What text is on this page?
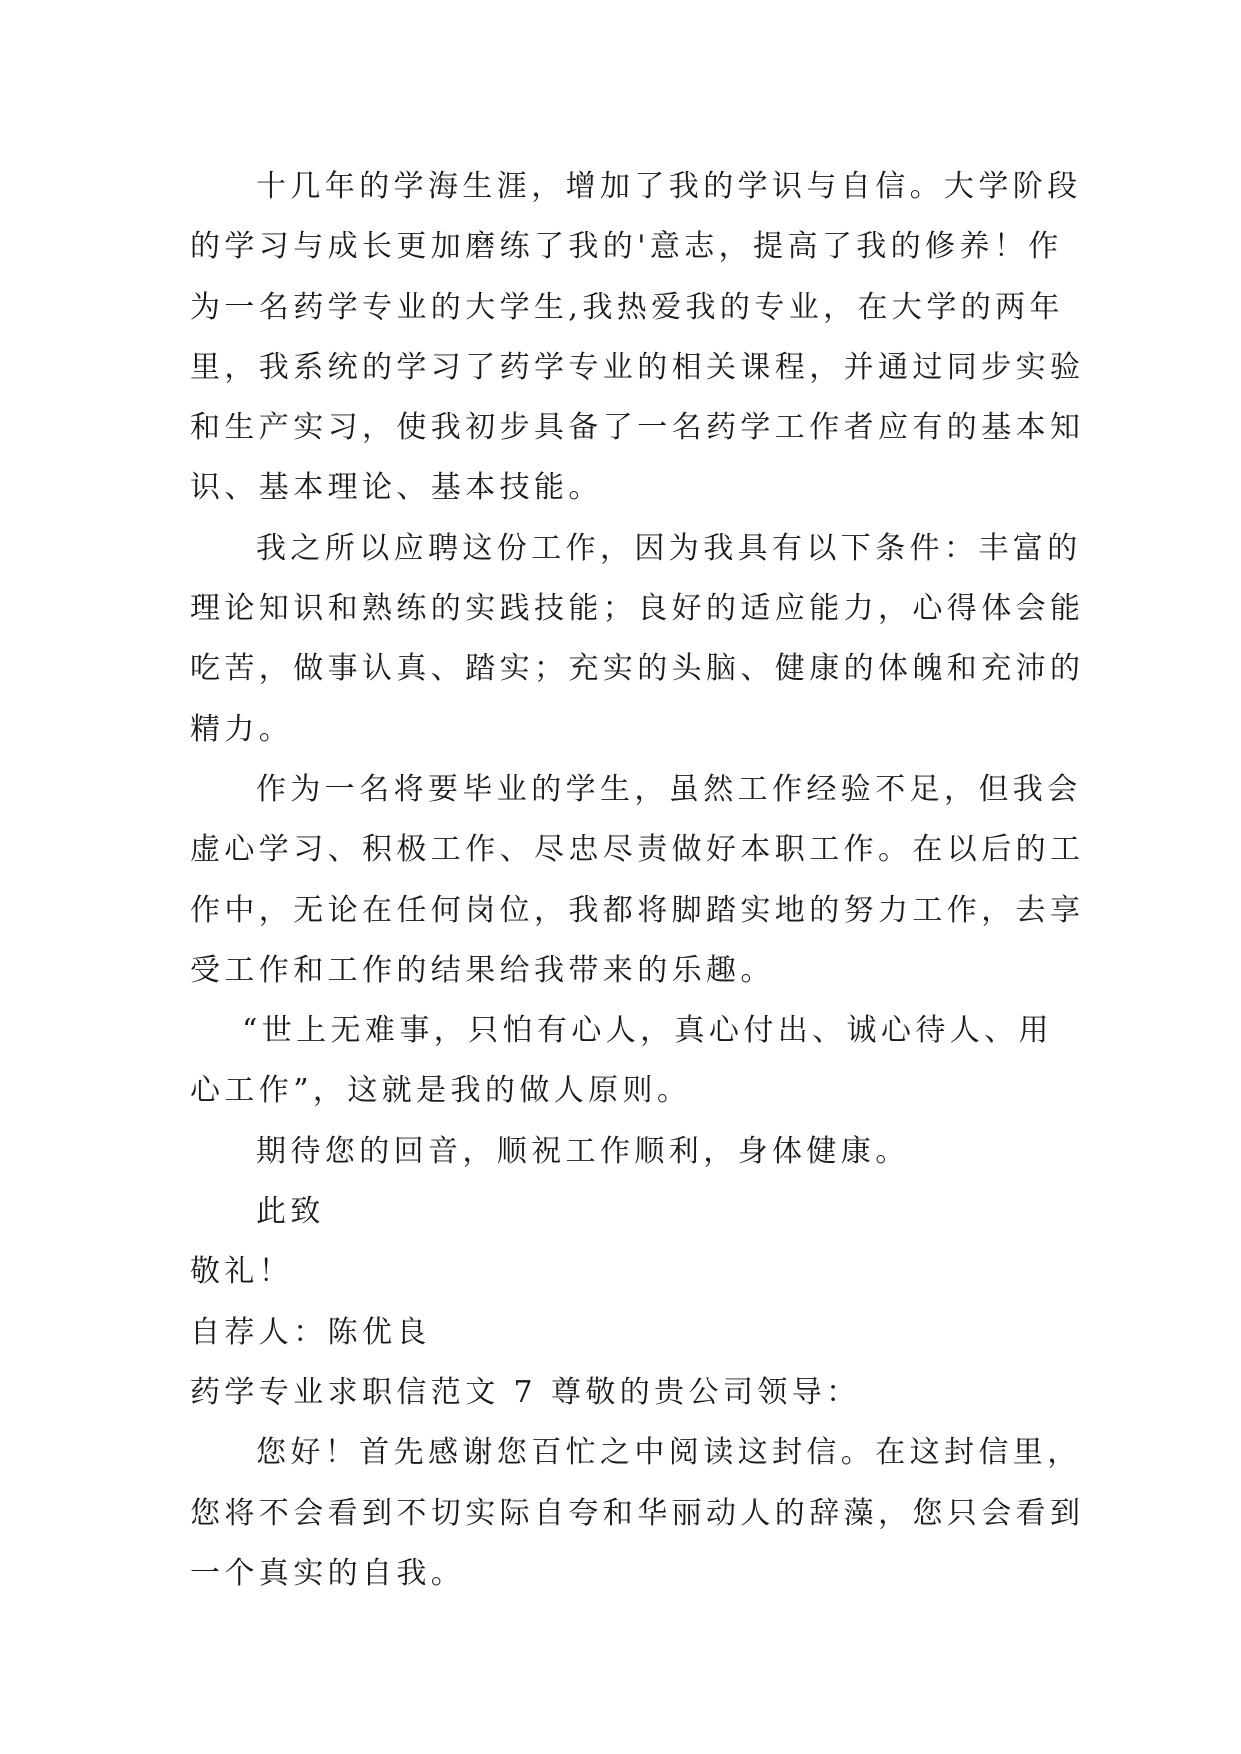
十几年的学海生涯，增加了我的学识与自信。大学阶段
的学习与成长更加磨练了我的'意志，提高了我的修养！作
为一名药学专业的大学生,我热爱我的专业，在大学的两年
里，我系统的学习了药学专业的相关课程，并通过同步实验
和生产实习，使我初步具备了一名药学工作者应有的基本知
识、基本理论、基本技能。
我之所以应聘这份工作，因为我具有以下条件：丰富的
理论知识和熟练的实践技能；良好的适应能力，心得体会能
吃苦，做事认真、踏实；充实的头脑、健康的体魄和充沛的
精力。
作为一名将要毕业的学生，虽然工作经验不足，但我会
虚心学习、积极工作、尽忠尽责做好本职工作。在以后的工
作中，无论在任何岗位，我都将脚踏实地的努力工作，去享
受工作和工作的结果给我带来的乐趣。
“世上无难事，只怕有心人，真心付出、诚心待人、用
心工作”，这就是我的做人原则。
期待您的回音，顺祝工作顺利，身体健康。
此致
敬礼！
自荐人：陈优良
药学专业求职信范文 7 尊敬的贵公司领导：
您好！首先感谢您百忙之中阅读这封信。在这封信里，
您将不会看到不切实际自夸和华丽动人的辞藻，您只会看到
一个真实的自我。
